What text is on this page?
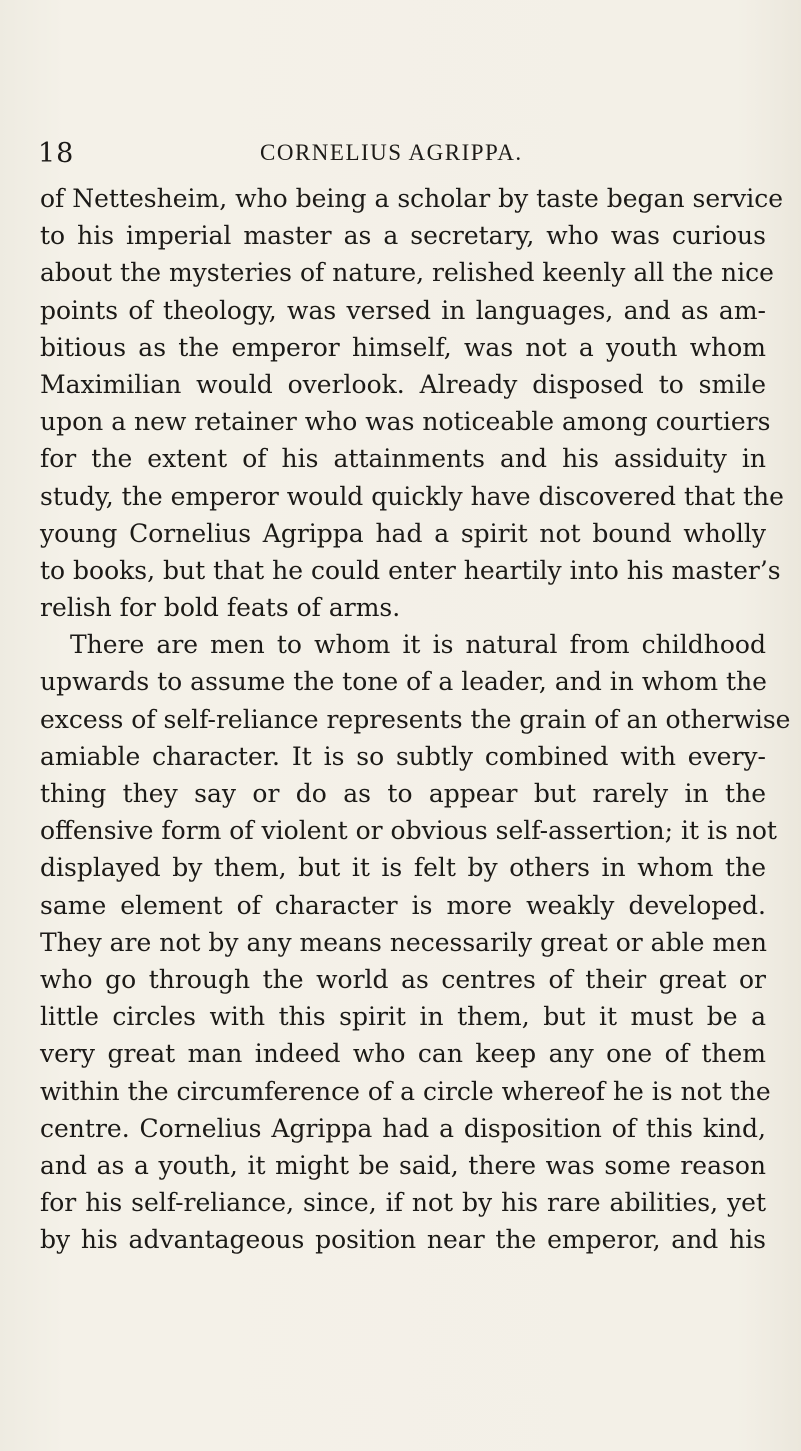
18	CORNELIUS AGRIPPA.
of Nettesheim, who being a scholar by taste began service
to his imperial master as a secretary, who was curious
about the mysteries of nature, relished keenly all the nice
points of theology, was versed in languages, and as am-
bitious as the emperor himself, was not a youth whom
Maximilian would overlook. Already disposed to smile
upon a new retainer who was noticeable among courtiers
for the extent of his attainments and his assiduity in
study, the emperor would quickly have discovered that the
young Cornelius Agrippa had a spirit not bound wholly
to books, but that he could enter heartily into his master’s
relish for bold feats of arms.
There are men to whom it is natural from childhood
upwards to assume the tone of a leader, and in whom the
excess of self-reliance represents the grain of an otherwise
amiable character. It is so subtly combined with every-
thing they say or do as to appear but rarely in the
offensive form of violent or obvious self-assertion; it is not
displayed by them, but it is felt by others in whom the
same element of character is more weakly developed.
They are not by any means necessarily great or able men
who go through the world as centres of their great or
little circles with this spirit in them, but it must be a
very great man indeed who can keep any one of them
within the circumference of a circle whereof he is not the
centre. Cornelius Agrippa had a disposition of this kind,
and as a youth, it might be said, there was some reason
for his self-reliance, since, if not by his rare abilities, yet
by his advantageous position near the emperor, and his
